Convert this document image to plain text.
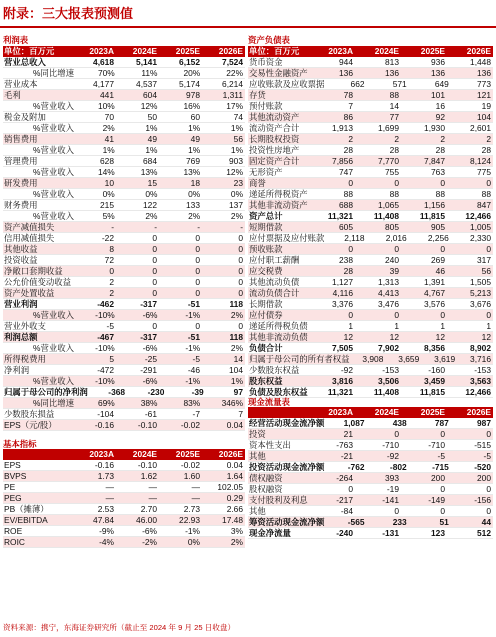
附录：三大报表预测值
利润表
单位：百万元	2023A	2024E	2025E	2026E
营业总收入	4,618	5,141	6,152	7,524
%同比增速	70%	11%	20%	22%
营业成本	4,177	4,537	5,174	6,214
毛利	441	604	978	1,311
%营业收入	10%	12%	16%	17%
税金及附加	70	50	60	74
%营业收入	2%	1%	1%	1%
销售费用	41	49	49	56
%营业收入	1%	1%	1%	1%
管理费用	628	684	769	903
%营业收入	14%	13%	13%	12%
研发费用	10	15	18	23
%营业收入	0%	0%	0%	0%
财务费用	215	122	133	137
%营业收入	5%	2%	2%	2%
资产减值损失	-	-	-	-
信用减值损失	-22	0	0	0
其他收益	8	0	0	0
投资收益	72	0	0	0
净敞口套期收益	0	0	0	0
公允价值变动收益	2	0	0	0
资产处置收益	2	0	0	0
营业利润	-462	-317	-51	118
%营业收入	-10%	-6%	-1%	2%
营业外收支	-5	0	0	0
利润总额	-467	-317	-51	118
%营业收入	-10%	-6%	-1%	2%
所得税费用	5	-25	-5	14
净利润	-472	-291	-46	104
%营业收入	-10%	-6%	-1%	1%
归属于母公司的净利润	-368	-230	-39	97
%同比增速	69%	38%	83%	346%
少数股东损益	-104	-61	-7	7
EPS（元/股）	-0.16	-0.10	-0.02	0.04
基本指标
2023A	2024E	2025E	2026E
EPS	-0.16	-0.10	-0.02	0.04
BVPS	1.73	1.62	1.60	1.64
PE	—	—	—	102.05
PEG	—	—	—	0.29
PB（摊薄）	2.53	2.70	2.73	2.66
EV/EBITDA	47.84	46.00	22.93	17.48
ROE	-9%	-6%	-1%	3%
ROIC	-4%	-2%	0%	2%
资产负债表
单位：百万元	2023A	2024E	2025E	2026E
货币资金	944	813	936	1,448
交易性金融资产	136	136	136	136
应收账款及应收票据	662	571	649	773
存货	78	88	101	121
预付账款	7	14	16	19
其他流动资产	86	77	92	104
流动资产合计	1,913	1,699	1,930	2,601
长期股权投资	2	2	2	2
投资性房地产	28	28	28	28
固定资产合计	7,856	7,770	7,847	8,124
无形资产	747	755	763	775
商誉	0	0	0	0
递延所得税资产	88	88	88	88
其他非流动资产	688	1,065	1,156	847
资产总计	11,321	11,408	11,815	12,466
短期借款	605	805	905	1,005
应付票据及应付账款	2,118	2,016	2,256	2,330
预收账款	0	0	0	0
应付职工薪酬	238	240	269	317
应交税费	28	39	46	56
其他流动负债	1,127	1,313	1,391	1,505
流动负债合计	4,116	4,413	4,767	5,213
长期借款	3,376	3,476	3,576	3,676
应付债券	0	0	0	0
递延所得税负债	1	1	1	1
其他非流动负债	12	12	12	12
负债合计	7,505	7,902	8,356	8,902
归属于母公司的所有者权益	3,908	3,659	3,619	3,716
少数股东权益	-92	-153	-160	-153
股东权益	3,816	3,506	3,459	3,563
负债及股东权益	11,321	11,408	11,815	12,466
现金流量表
2023A	2024E	2025E	2026E
经营活动现金流净额	1,087	438	787	987
投资	21	0	0	0
资本性支出	-763	-710	-710	-515
其他	-21	-92	-5	-5
投资活动现金流净额	-762	-802	-715	-520
债权融资	-264	393	200	200
股权融资	0	-19	0	0
支付股利及利息	-217	-141	-149	-156
其他	-84	0	0	0
筹资活动现金流净额	-565	233	51	44
现金净流量	-240	-131	123	512
资料来源：携宁，东海证券研究所（截止至 2024 年 9 月 25 日收盘）
